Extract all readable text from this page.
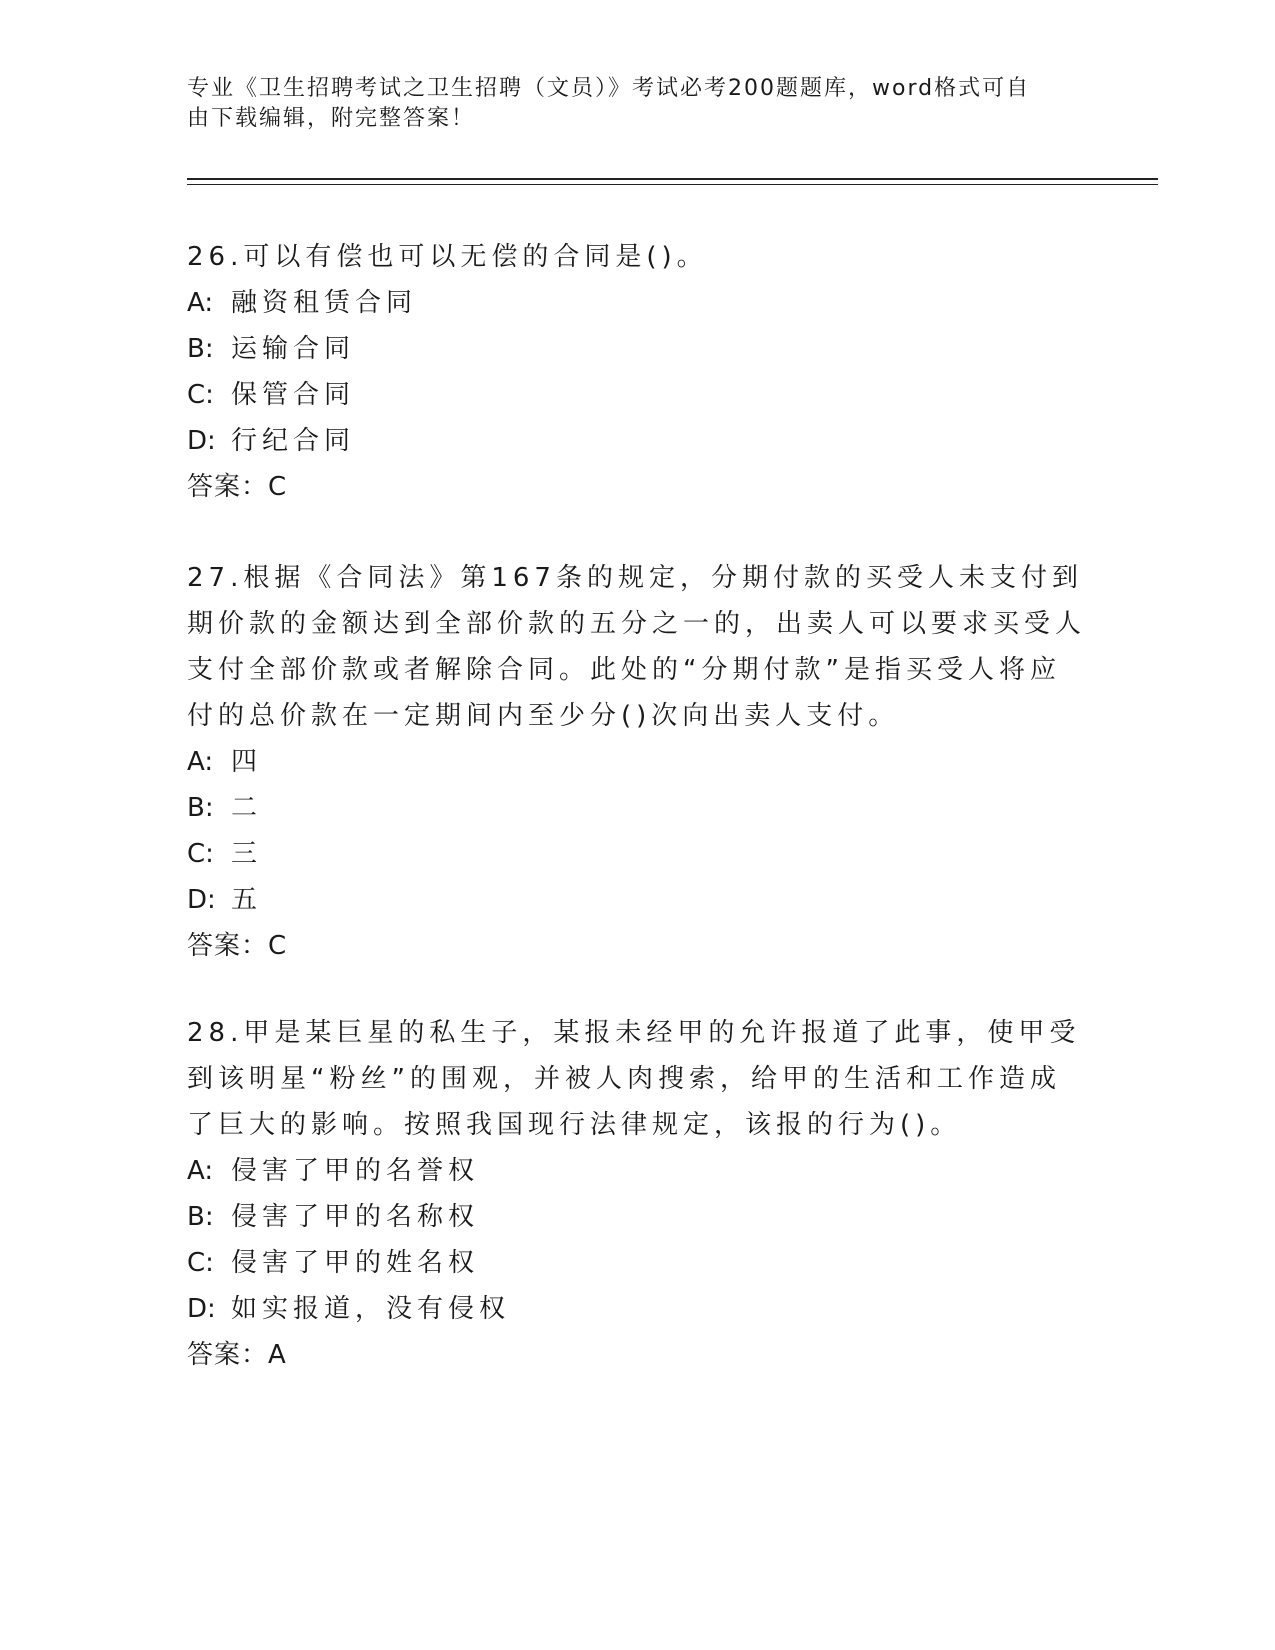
专业《卫生招聘考试之卫生招聘（文员）》考试必考200题题库，word格式可自
由下载编辑，附完整答案！
26.可以有偿也可以无偿的合同是()。
A: 融资租赁合同
B: 运输合同
C: 保管合同
D: 行纪合同
答案：C
27.根据《合同法》第167条的规定，分期付款的买受人未支付到期价款的金额达到全部价款的五分之一的，出卖人可以要求买受人支付全部价款或者解除合同。此处的“分期付款”是指买受人将应付的总价款在一定期间内至少分()次向出卖人支付。
A: 四
B: 二
C: 三
D: 五
答案：C
28.甲是某巨星的私生子，某报未经甲的允许报道了此事，使甲受到该明星“粉丝”的围观，并被人肉搜索，给甲的生活和工作造成了巨大的影响。按照我国现行法律规定，该报的行为()。
A: 侵害了甲的名誉权
B: 侵害了甲的名称权
C: 侵害了甲的姓名权
D: 如实报道，没有侵权
答案：A
